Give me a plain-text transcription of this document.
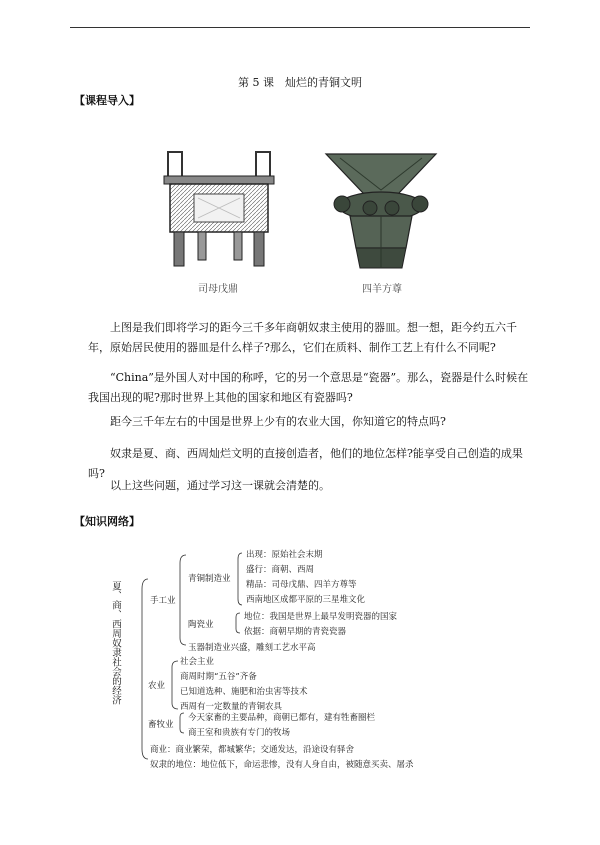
第 5 课　灿烂的青铜文明
【课程导入】
司母戊鼎	四羊方尊
上图是我们即将学习的距今三千多年商朝奴隶主使用的器皿。想一想，距今约五六千年，原始居民使用的器皿是什么样子?那么，它们在质料、制作工艺上有什么不同呢?
“China”是外国人对中国的称呼，它的另一个意思是“瓷器”。那么，瓷器是什么时候在我国出现的呢?那时世界上其他的国家和地区有瓷器吗?
距今三千年左右的中国是世界上少有的农业大国，你知道它的特点吗?
奴隶是夏、商、西周灿烂文明的直接创造者，他们的地位怎样?能享受自己创造的成果吗?
以上这些问题，通过学习这一课就会清楚的。
【知识网络】
夏、商、西周奴隶社会的经济	手工业
青铜制造业
出现：原始社会末期
盛行：商朝、西周
精品：司母戊鼎、四羊方尊等
西南地区成都平原的三星堆文化
陶瓷业
地位：我国是世界上最早发明瓷器的国家
依据：商朝早期的青瓷瓷器
玉器制造业兴盛，雕刻工艺水平高
农业
社会主业
商周时期“五谷”齐备
已知道选种、施肥和治虫害等技术
西周有一定数量的青铜农具
畜牧业
今天家畜的主要品种，商朝已都有，建有牲畜圈栏
商王室和贵族有专门的牧场
商业：商业繁荣，都城繁华；交通发达，沿途设有驿舍
奴隶的地位：地位低下，命运悲惨，没有人身自由，被随意买卖、屠杀
